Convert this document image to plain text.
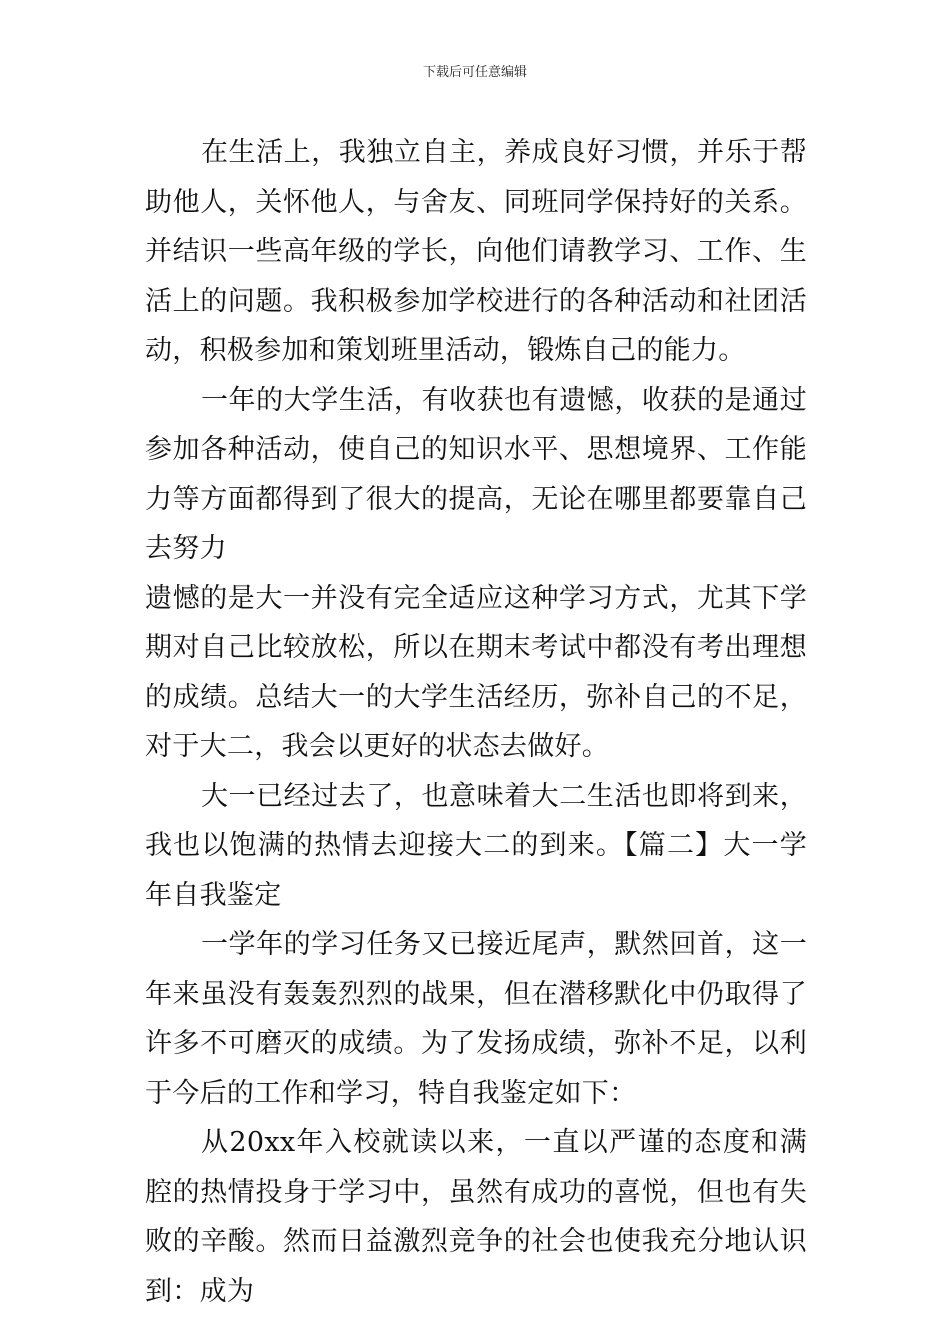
下载后可任意编辑

在生活上，我独立自主，养成良好习惯，并乐于帮助他人，关怀他人，与舍友、同班同学保持好的关系。并结识一些高年级的学长，向他们请教学习、工作、生活上的问题。我积极参加学校进行的各种活动和社团活动，积极参加和策划班里活动，锻炼自己的能力。

一年的大学生活，有收获也有遗憾，收获的是通过参加各种活动，使自己的知识水平、思想境界、工作能力等方面都得到了很大的提高，无论在哪里都要靠自己去努力

遗憾的是大一并没有完全适应这种学习方式，尤其下学期对自己比较放松，所以在期末考试中都没有考出理想的成绩。总结大一的大学生活经历，弥补自己的不足，对于大二，我会以更好的状态去做好。

大一已经过去了，也意味着大二生活也即将到来，我也以饱满的热情去迎接大二的到来。【篇二】大一学年自我鉴定

一学年的学习任务又已接近尾声，默然回首，这一年来虽没有轰轰烈烈的战果，但在潜移默化中仍取得了许多不可磨灭的成绩。为了发扬成绩，弥补不足，以利于今后的工作和学习，特自我鉴定如下：

从20xx年入校就读以来，一直以严谨的态度和满腔的热情投身于学习中，虽然有成功的喜悦，但也有失败的辛酸。然而日益激烈竞争的社会也使我充分地认识到：成为
